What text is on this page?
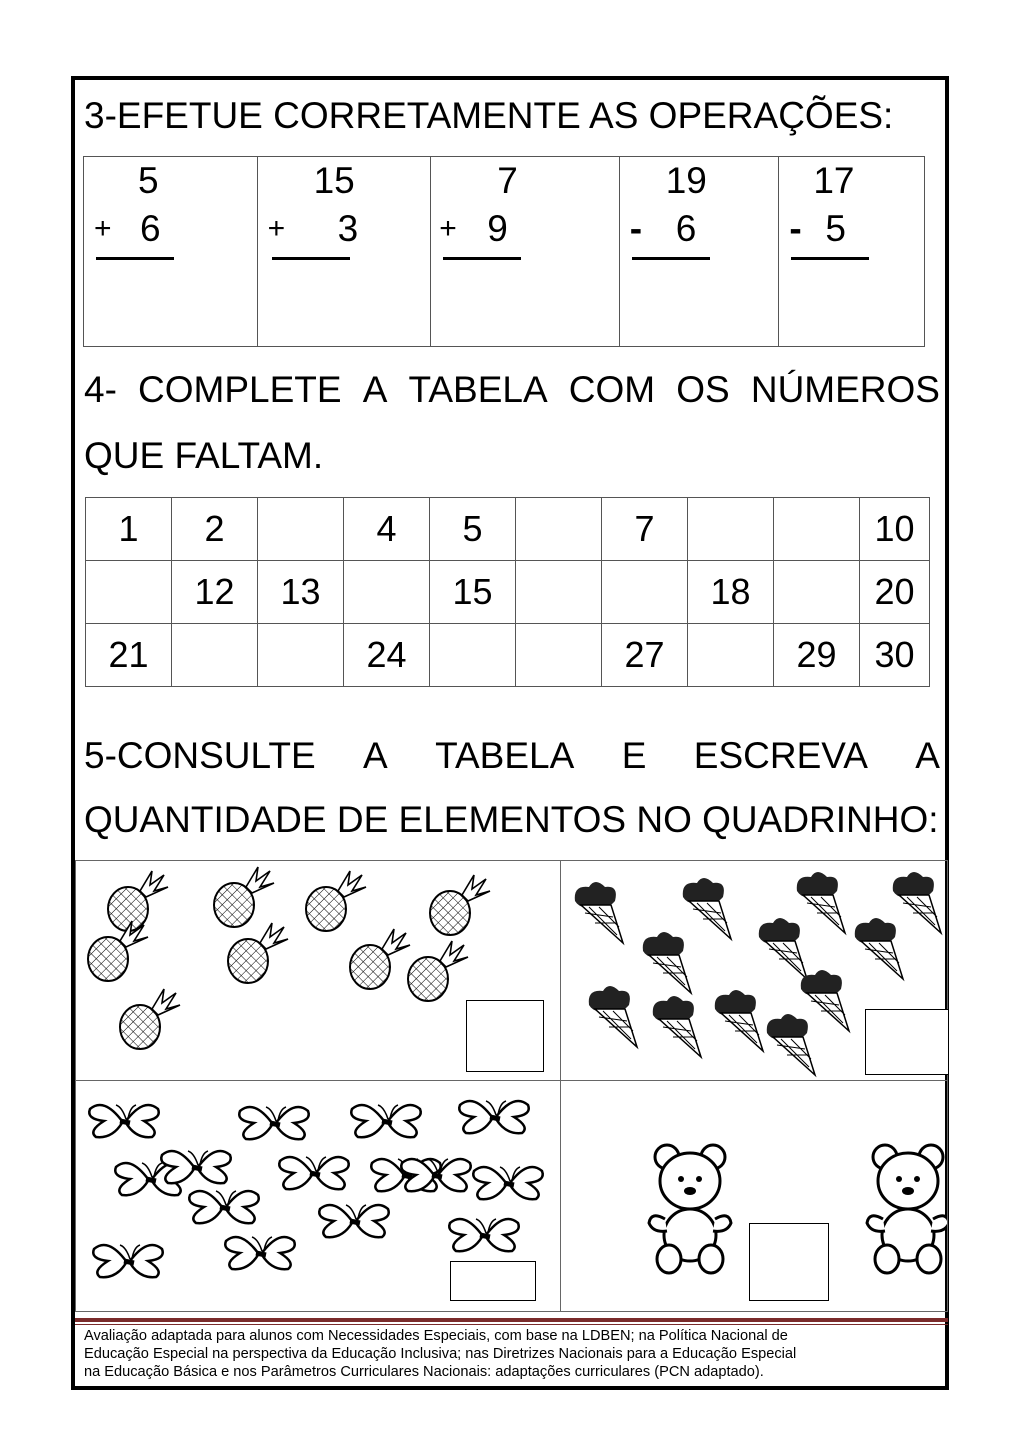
3-EFETUE CORRETAMENTE AS OPERAÇÕES:
5
+ 6
15
+ 3
7
+ 9
19
- 6
17
- 5
4- COMPLETE A TABELA COM OS NÚMEROS
QUE FALTAM.
1	2		4	5		7			10
	12	13		15			18		20
21			24			27		29	30
5-CONSULTE A TABELA E ESCREVA A
QUANTIDADE DE ELEMENTOS NO QUADRINHO:
Avaliação adaptada para alunos com Necessidades Especiais, com base na LDBEN; na Política Nacional de
Educação Especial na perspectiva da Educação Inclusiva; nas Diretrizes Nacionais para a Educação Especial
na Educação Básica e nos Parâmetros Curriculares Nacionais: adaptações curriculares (PCN adaptado).
